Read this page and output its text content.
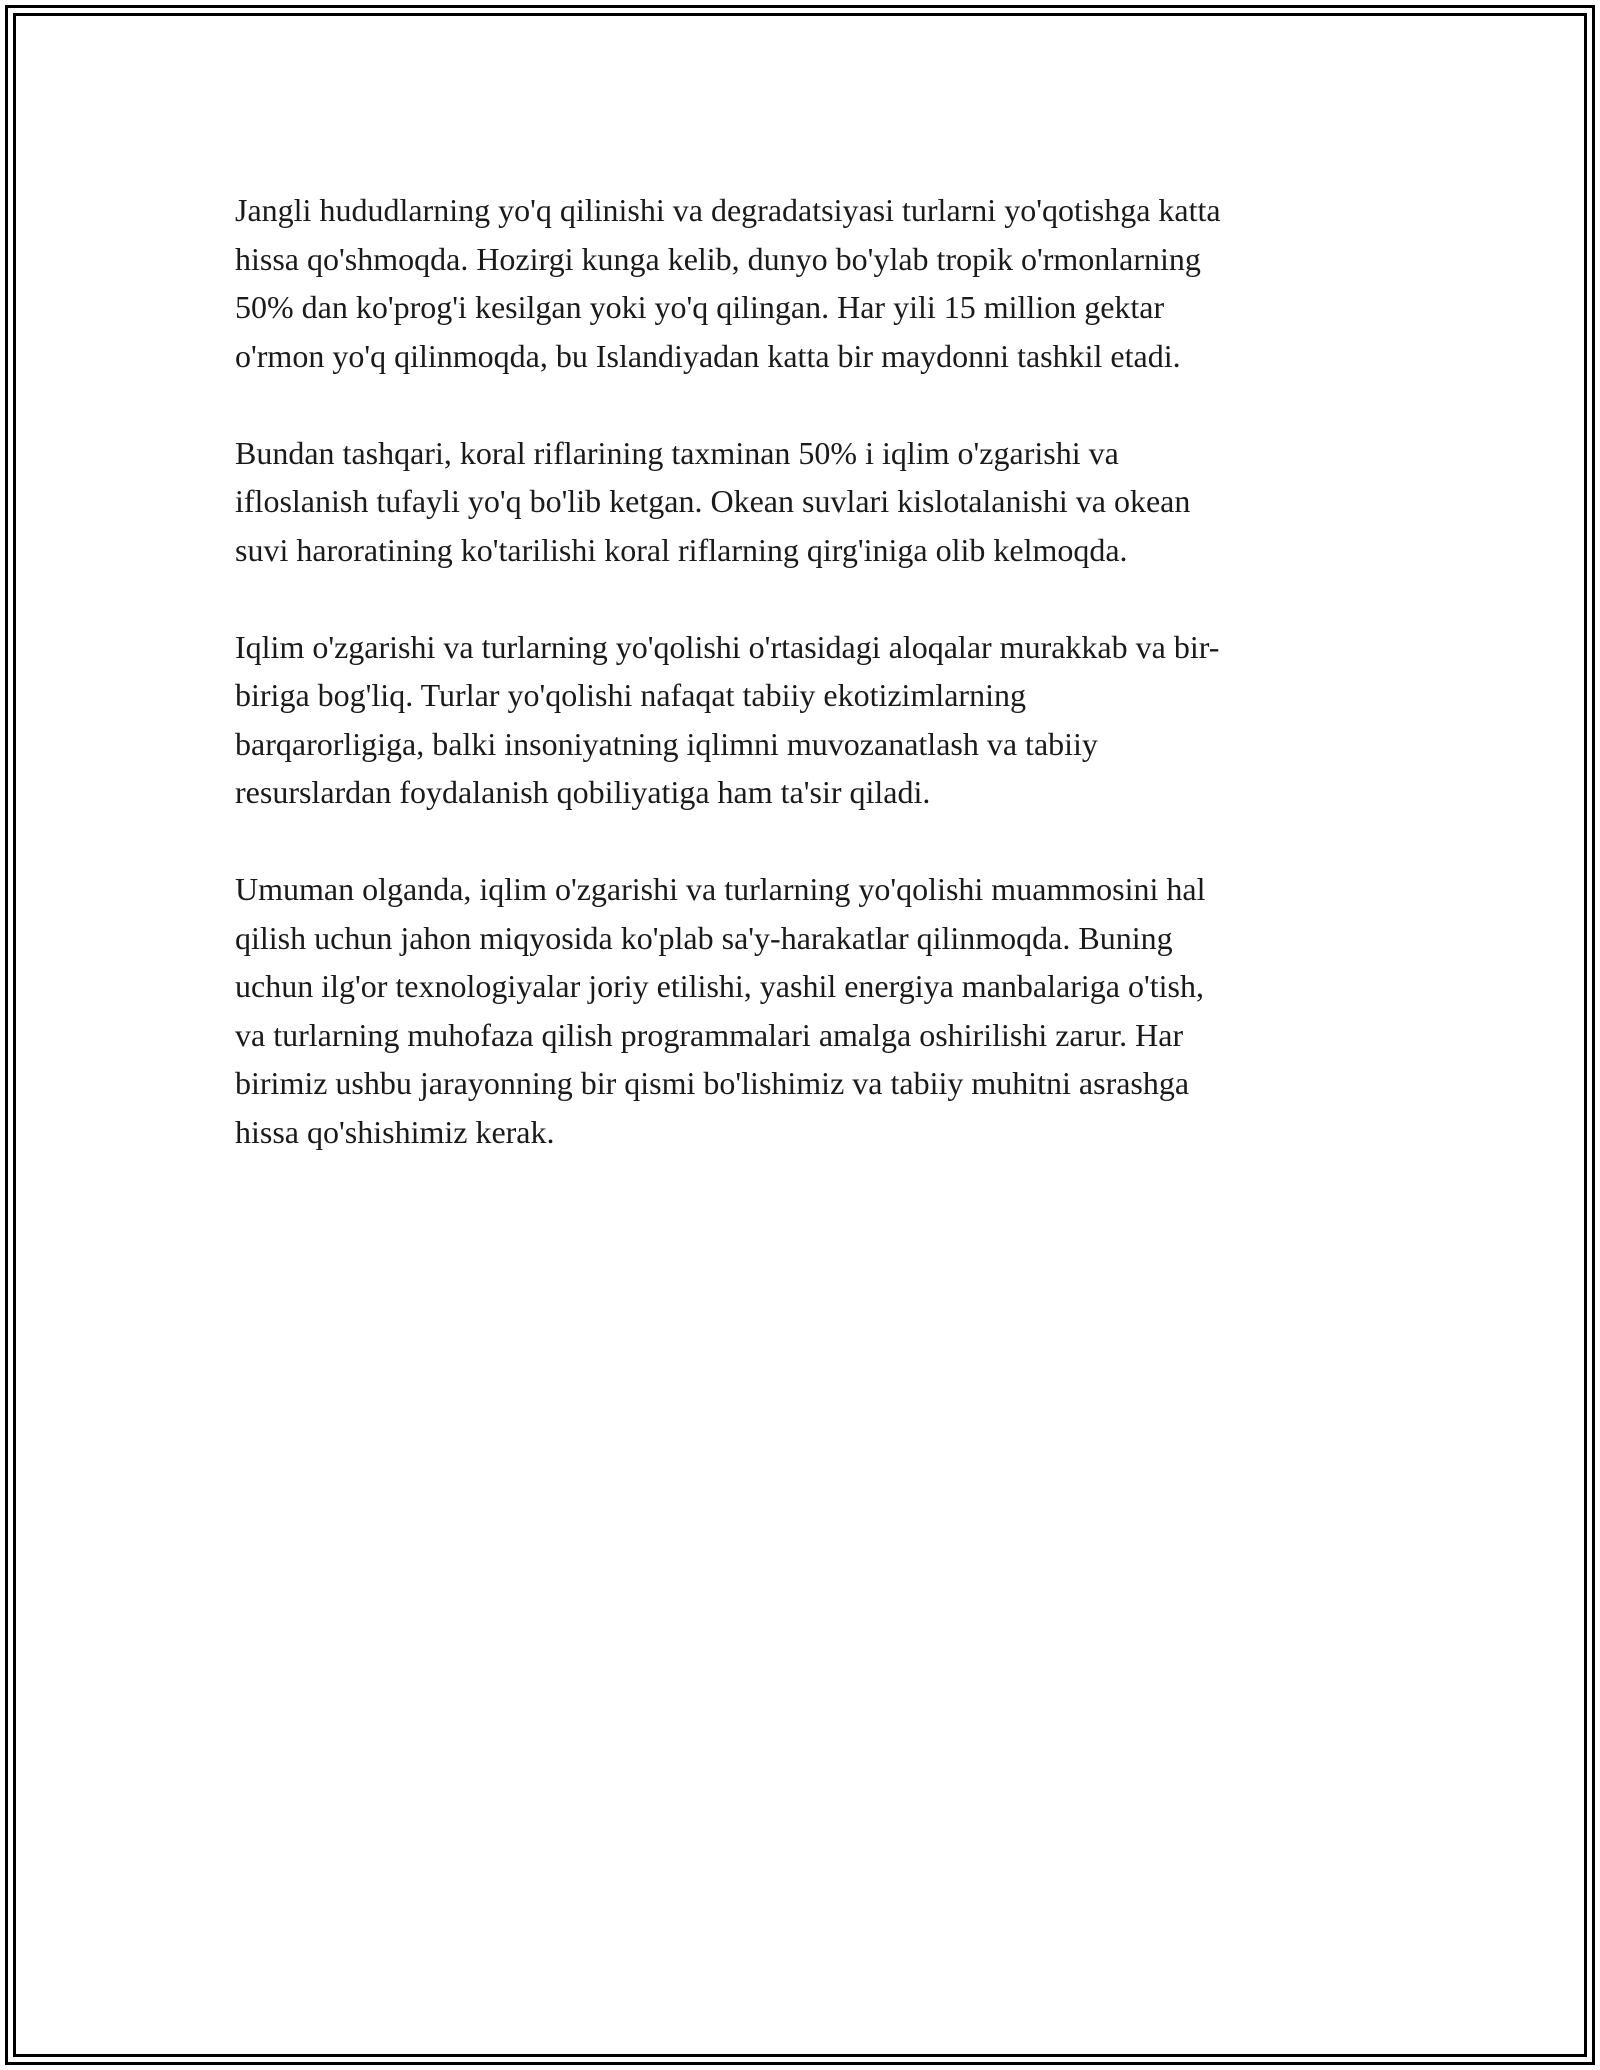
Jangli hududlarning yo'q qilinishi va degradatsiyasi turlarni yo'qotishga katta
hissa qo'shmoqda. Hozirgi kunga kelib, dunyo bo'ylab tropik o'rmonlarning
50% dan ko'prog'i kesilgan yoki yo'q qilingan. Har yili 15 million gektar
o'rmon yo'q qilinmoqda, bu Islandiyadan katta bir maydonni tashkil etadi.

Bundan tashqari, koral riflarining taxminan 50% i iqlim o'zgarishi va
ifloslanish tufayli yo'q bo'lib ketgan. Okean suvlari kislotalanishi va okean
suvi haroratining ko'tarilishi koral riflarning qirg'iniga olib kelmoqda.

Iqlim o'zgarishi va turlarning yo'qolishi o'rtasidagi aloqalar murakkab va bir-
biriga bog'liq. Turlar yo'qolishi nafaqat tabiiy ekotizimlarning
barqarorligiga, balki insoniyatning iqlimni muvozanatlash va tabiiy
resurslardan foydalanish qobiliyatiga ham ta'sir qiladi.

Umuman olganda, iqlim o'zgarishi va turlarning yo'qolishi muammosini hal
qilish uchun jahon miqyosida ko'plab sa'y-harakatlar qilinmoqda. Buning
uchun ilg'or texnologiyalar joriy etilishi, yashil energiya manbalariga o'tish,
va turlarning muhofaza qilish programmalari amalga oshirilishi zarur. Har
birimiz ushbu jarayonning bir qismi bo'lishimiz va tabiiy muhitni asrashga
hissa qo'shishimiz kerak.
